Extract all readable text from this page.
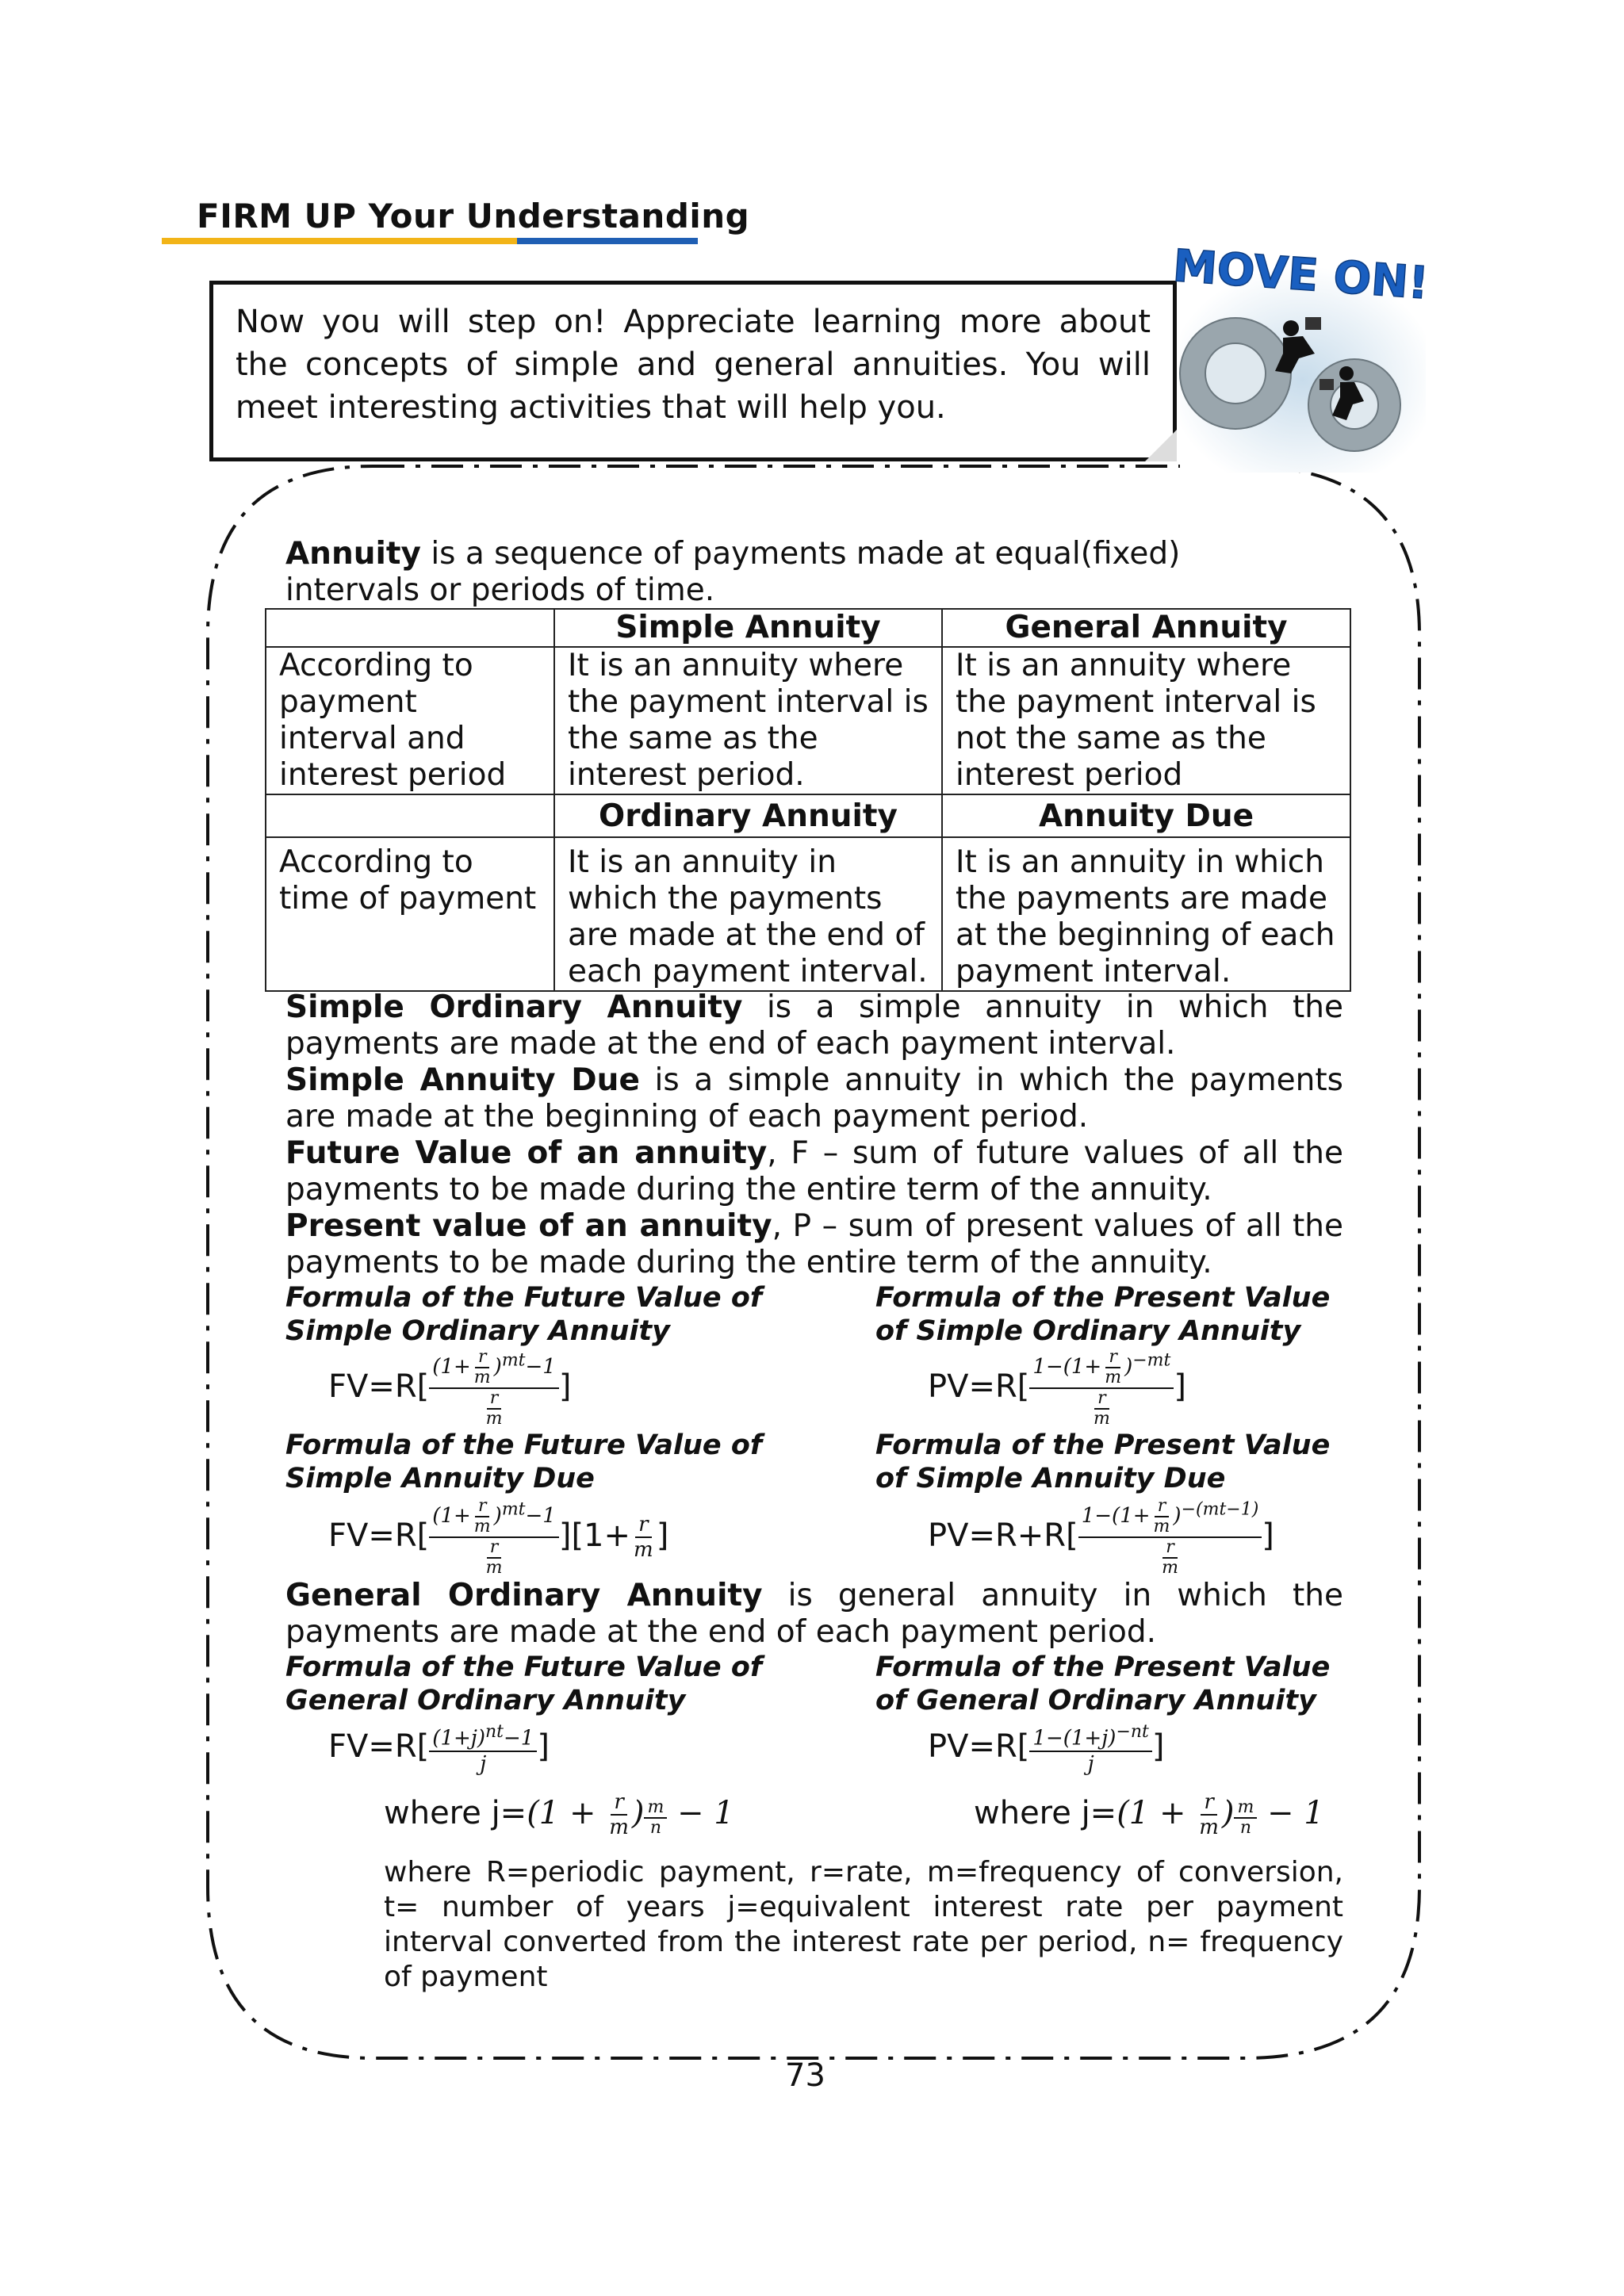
FIRM UP Your Understanding
Now you will step on! Appreciate learning more about the concepts of simple and general annuities. You will meet interesting activities that will help you.
MOVE ON!
Annuity is a sequence of payments made at equal(fixed) intervals or periods of time.
	Simple Annuity	General Annuity
According to payment interval and interest period	It is an annuity where the payment interval is the same as the interest period.	It is an annuity where the payment interval is not the same as the interest period
	Ordinary Annuity	Annuity Due
According to time of payment	It is an annuity in which the payments are made at the end of each payment interval.	It is an annuity in which the payments are made at the beginning of each payment interval.
Simple Ordinary Annuity is a simple annuity in which the payments are made at the end of each payment interval.
Simple Annuity Due is a simple annuity in which the payments are made at the beginning of each payment period.
Future Value of an annuity, F – sum of future values of all the payments to be made during the entire term of the annuity.
Present value of an annuity, P – sum of present values of all the payments to be made during the entire term of the annuity.
Formula of the Future Value of Simple Ordinary Annuity
Formula of the Present Value of Simple Ordinary Annuity
$FV=R[ \frac{(1+ \frac{r}{m} )^{mt}-1}{\frac{r}{m}}$ ]	$PV=R[ \frac{1-(1+ \frac{r}{m} )^{-mt}}{\frac{r}{m}}$ ]
Formula of the Future Value of Simple Annuity Due
Formula of the Present Value of Simple Annuity Due
$FV=R[ \frac{(1+ \frac{r}{m} )^{mt}-1}{\frac{r}{m}} ][1+ \frac{r}{m}$ ]	$PV=R+R[ \frac{1-(1+ \frac{r}{m} )^{-(mt-1)}}{\frac{r}{m}}$ ]
General Ordinary Annuity is general annuity in which the payments are made at the end of each payment period.
Formula of the Future Value of General Ordinary Annuity
Formula of the Present Value of General Ordinary Annuity
$FV=R[ \frac{(1+j)^{nt}-1}{j}$ ]	$PV=R[ \frac{1-(1+j)^{-nt}}{j}$ ]
where $j=(1 + \frac{r}{m}$ ) $\frac{m}{n} - 1$	where $j=(1 + \frac{r}{m}$ ) $\frac{m}{n} - 1$
where R=periodic payment, r=rate, m=frequency of conversion, t= number of years j=equivalent interest rate per payment interval converted from the interest rate per period, n= frequency of payment
73
